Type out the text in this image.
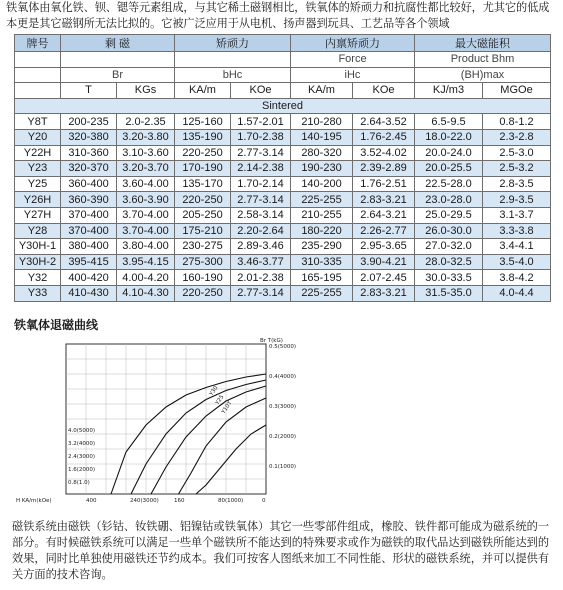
铁氧体由氧化铁、钡、锶等元素组成，与其它稀土磁钢相比，铁氧体的矫顽力和抗腐性都比较好，尤其它的低成本更是其它磁钢所无法比拟的。它被广泛应用于从电机、扬声器到玩具、工艺品等各个领域
牌号	剩 磁		矫顽力		内禀矫顽力		最大磁能积	
					Force		Product Bhm	
	Br		bHc		iHc		(BH)max	
	T	KGs	KA/m	KOe	KA/m	KOe	KJ/m3	MGOe
Sintered								
Y8T	200-235	2.0-2.35	125-160	1.57-2.01	210-280	2.64-3.52	6.5-9.5	0.8-1.2
Y20	320-380	3.20-3.80	135-190	1.70-2.38	140-195	1.76-2.45	18.0-22.0	2.3-2.8
Y22H	310-360	3.10-3.60	220-250	2.77-3.14	280-320	3.52-4.02	20.0-24.0	2.5-3.0
Y23	320-370	3.20-3.70	170-190	2.14-2.38	190-230	2.39-2.89	20.0-25.5	2.5-3.2
Y25	360-400	3.60-4.00	135-170	1.70-2.14	140-200	1.76-2.51	22.5-28.0	2.8-3.5
Y26H	360-390	3.60-3.90	220-250	2.77-3.14	225-255	2.83-3.21	23.0-28.0	2.9-3.5
Y27H	370-400	3.70-4.00	205-250	2.58-3.14	210-255	2.64-3.21	25.0-29.5	3.1-3.7
Y28	370-400	3.70-4.00	175-210	2.20-2.64	180-220	2.26-2.77	26.0-30.0	3.3-3.8
Y30H-1	380-400	3.80-4.00	230-275	2.89-3.46	235-290	2.95-3.65	27.0-32.0	3.4-4.1
Y30H-2	395-415	3.95-4.15	275-300	3.46-3.77	310-335	3.90-4.21	28.0-32.5	3.5-4.0
Y32	400-420	4.00-4.20	160-190	2.01-2.38	165-195	2.07-2.45	30.0-33.5	3.8-4.2
Y33	410-430	4.10-4.30	220-250	2.77-3.14	225-255	2.83-3.21	31.5-35.0	4.0-4.4
铁氧体退磁曲线
Y30
Y25
Y10T
0.5(5000)
0.4(4000)
0.3(3000)
0.2(2000)
0.1(1000)
4.0(5000)
3.2(4000)
2.4(3000)
1.6(2000)
0.8(1.0)
400	240(3000)	160	80(1000)	0
H KA/m(kOe)
Br T(kG)
磁铁系统由磁铁（钐钴、钕铁硼、铝镍钴或铁氧体）其它一些零部件组成，橡胶、铁件都可能成为磁系统的一部分。有时候磁铁系统可以满足一些单个磁铁所不能达到的特殊要求或作为磁铁的取代品达到磁铁所能达到的效果，同时比单独使用磁铁还节约成本。我们可按客人图纸来加工不同性能、形状的磁铁系统，并可以提供有关方面的技术咨询。
